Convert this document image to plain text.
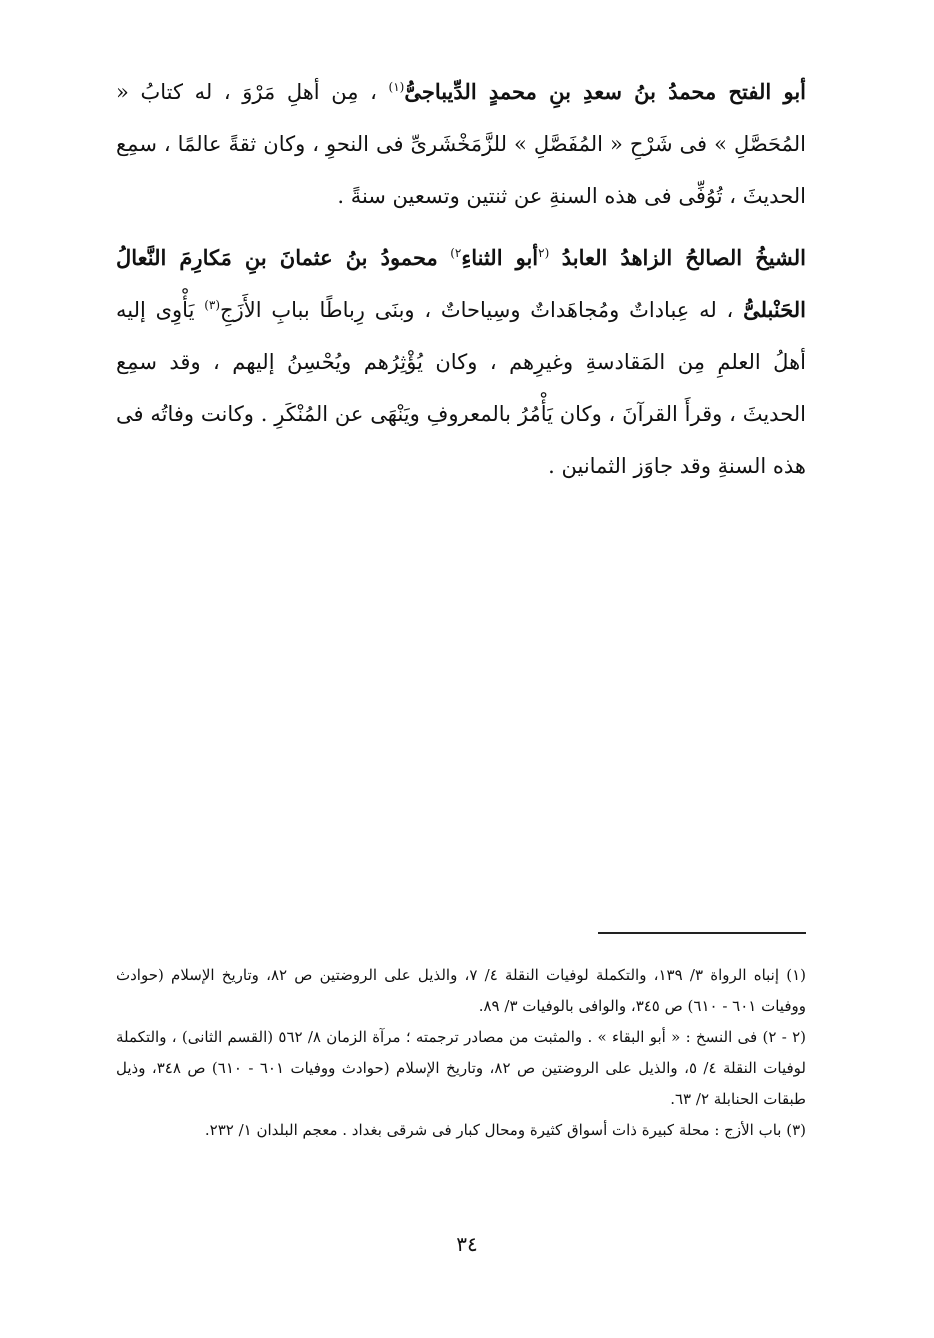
أبو الفتح محمدُ بنُ سعدِ بنِ محمدٍ الدِّيباجىُّ$^{(١)}$ ، مِن أهلِ مَرْوَ ، له كتابُ « المُحَصَّلِ » فى شَرْحِ « المُفَصَّلِ » للزَّمَخْشَرىِّ فى النحوِ ، وكان ثقةً عالمًا ، سمِع الحديثَ ، تُوُفِّى فى هذه السنةِ عن ثنتين وتسعين سنةً .

الشيخُ الصالحُ الزاهدُ العابدُ $^{(٢}$أبو الثناءِ$^{٢)}$ محمودُ بنُ عثمانَ بنِ مَكارِمَ النَّعالُ الحَنْبلىُّ ، له عِباداتٌ ومُجاهَداتٌ وسِياحاتٌ ، وبنَى رِباطًا ببابِ الأَزَجِ$^{(٣)}$ يَأْوِى إليه أهلُ العلمِ مِن المَقادسةِ وغيرِهم ، وكان يُؤْثِرُهم ويُحْسِنُ إليهم ، وقد سمِع الحديثَ ، وقرأَ القرآنَ ، وكان يَأْمُرُ بالمعروفِ ويَنْهَى عن المُنْكَرِ . وكانت وفاتُه فى هذه السنةِ وقد جاوَز الثمانين .

(١) إنباه الرواة ٣/ ١٣٩، والتكملة لوفيات النقلة ٤/ ٧، والذيل على الروضتين ص ٨٢، وتاريخ الإسلام (حوادث ووفيات ٦٠١ - ٦١٠) ص ٣٤٥، والوافى بالوفيات ٣/ ٨٩.

(٢ - ٢) فى النسخ : « أبو البقاء » . والمثبت من مصادر ترجمته ؛ مرآة الزمان ٨/ ٥٦٢ (القسم الثانى) ، والتكملة لوفيات النقلة ٤/ ٥، والذيل على الروضتين ص ٨٢، وتاريخ الإسلام (حوادث ووفيات ٦٠١ - ٦١٠) ص ٣٤٨، وذيل طبقات الحنابلة ٢/ ٦٣.

(٣) باب الأزج : محلة كبيرة ذات أسواق كثيرة ومحال كبار فى شرقى بغداد . معجم البلدان ١/ ٢٣٢.

٣٤
